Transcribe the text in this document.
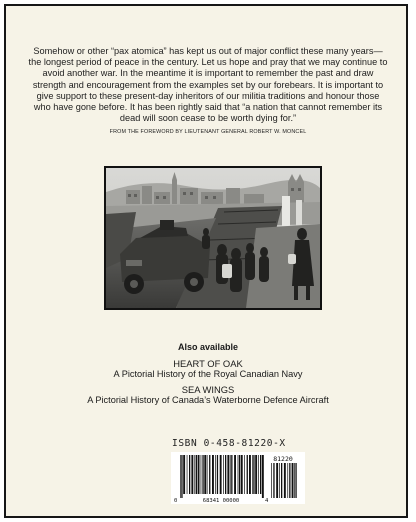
Somehow or other “pax atomica” has kept us out of major conflict these many years—the longest period of peace in the century. Let us hope and pray that we may continue to avoid another war. In the meantime it is important to remember the past and draw strength and encouragement from the examples set by our forebears. It is important to give support to these present-day inheritors of our militia traditions and honour those who have gone before. It has been rightly said that “a nation that cannot remember its dead will soon cease to be worth dying for.”

FROM THE FOREWORD BY LIEUTENANT GENERAL ROBERT W. MONCEL
Also available
HEART OF OAK
A Pictorial History of the Royal Canadian Navy
SEA WINGS
A Pictorial History of Canada’s Waterborne Defence Aircraft
ISBN 0-458-81220-X
81220
0	68341 00000	4
